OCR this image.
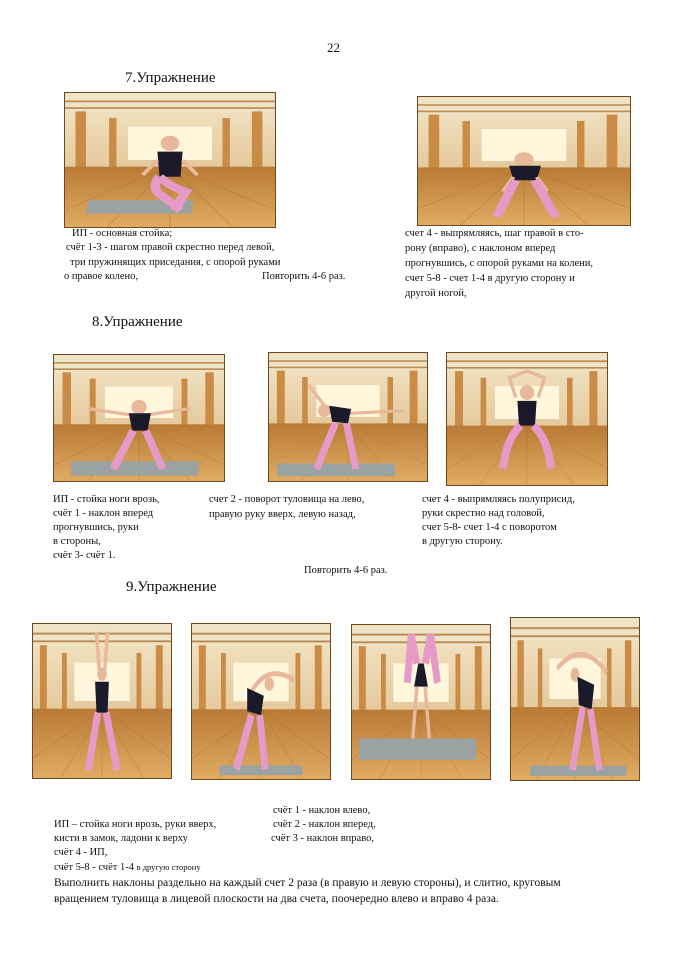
22
7.Упражнение
ИП - основная стойка;
счёт 1-3 - шагом правой скрестно перед левой,
три пружинящих приседания, с опорой руками
о правое колено,	Повторить 4-6 раз.
счет 4 - выпрямляясь, шаг правой в сто-
рону (вправо), с наклоном вперед
прогнувшись, с опорой руками на колени,
счет 5-8 - счет 1-4 в другую сторону и
другой ногой,
8.Упражнение
ИП - стойка ноги врозь,
счёт 1 - наклон вперед
прогнувшись, руки
в стороны,
счёт 3- счёт 1.
счет 2 - поворот туловища на лево,
правую руку вверх, левую назад,
счет 4 - выпрямляясь полуприсид,
руки скрестно над головой,
счет 5-8- счет 1-4 с поворотом
в другую сторону.
Повторить 4-6 раз.
9.Упражнение
счёт 1 - наклон влево,
ИП – стойка ноги врозь, руки вверх,	счёт 2 - наклон вперед,
кисти в замок, ладони к верху	счёт 3 - наклон вправо,
счёт 4 - ИП,
счёт 5-8 - счёт 1-4 в другую сторону
Выполнить наклоны раздельно на каждый счет 2 раза (в правую и левую стороны), и слитно, круговым
вращением туловища в лицевой плоскости на два счета, поочередно влево и вправо 4 раза.
